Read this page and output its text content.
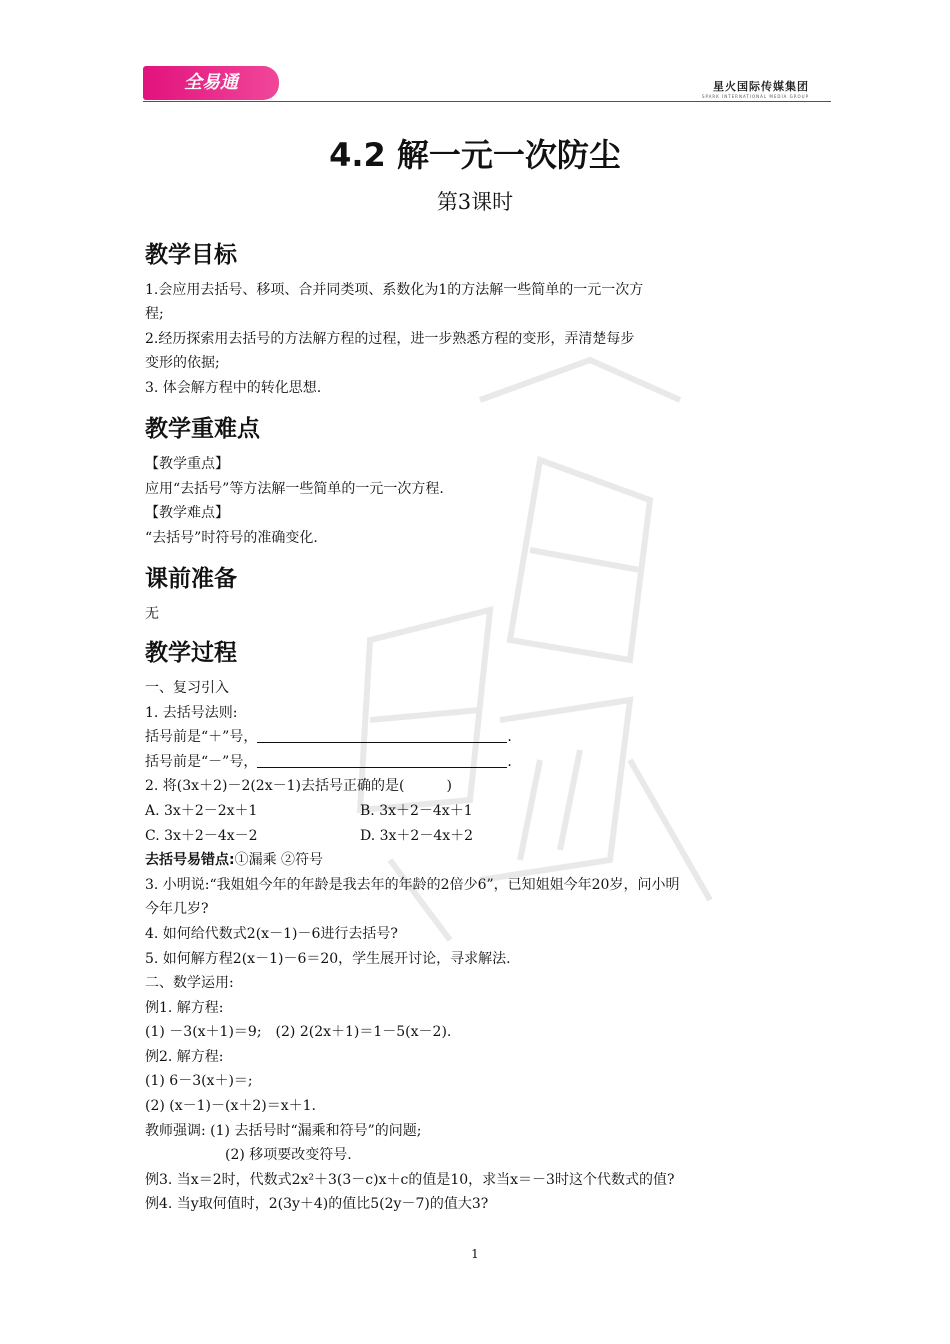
全易通	星火国际传媒集团
SPARK INTERNATIONAL MEDIA GROUP
4.2 解一元一次防尘
第3课时
教学目标
1.会应用去括号、移项、合并同类项、系数化为1的方法解一些简单的一元一次方
程;
2.经历探索用去括号的方法解方程的过程，进一步熟悉方程的变形，弄清楚每步
变形的依据;
3. 体会解方程中的转化思想.
教学重难点
【教学重点】
应用“去括号”等方法解一些简单的一元一次方程.
【教学难点】
“去括号”时符号的准确变化.
课前准备
无
教学过程
一、复习引入
1. 去括号法则:
括号前是“＋”号，	.
括号前是“－”号，	.
2. 将(3x＋2)－2(2x－1)去括号正确的是(　　　)
A. 3x＋2－2x＋1	B. 3x＋2－4x＋1
C. 3x＋2－4x－2	D. 3x＋2－4x＋2
去括号易错点:①漏乘 ②符号
3. 小明说:“我姐姐今年的年龄是我去年的年龄的2倍少6”，已知姐姐今年20岁，问小明
今年几岁?
4. 如何给代数式2(x－1)－6进行去括号?
5. 如何解方程2(x－1)－6＝20，学生展开讨论，寻求解法.
二、数学运用:
例1. 解方程:
(1) －3(x＋1)＝9;　(2) 2(2x＋1)＝1－5(x－2).
例2. 解方程:
(1) 6－3(x＋)＝;
(2) (x－1)－(x＋2)＝x＋1.
教师强调: (1) 去括号时“漏乘和符号”的问题;
(2) 移项要改变符号.
例3. 当x＝2时，代数式2x²＋3(3－c)x＋c的值是10，求当x＝－3时这个代数式的值?
例4. 当y取何值时，2(3y＋4)的值比5(2y－7)的值大3?
1
